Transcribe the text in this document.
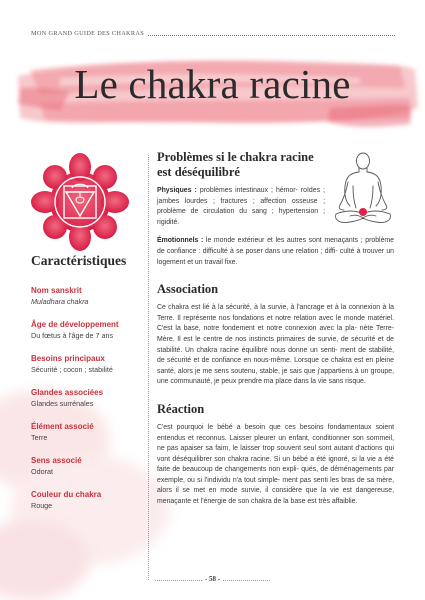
MON GRAND GUIDE DES CHAKRAS
Le chakra racine
Caractéristiques
Nom sanskrit
Muladhara chakra
Âge de développement
Du fœtus à l'âge de 7 ans
Besoins principaux
Sécurité ; cocon ; stabilité
Glandes associées
Glandes surrénales
Élément associé
Terre
Sens associé
Odorat
Couleur du chakra
Rouge
Problèmes si le chakra racine
est déséquilibré

Physiques : problèmes intestinaux ; hémor- roïdes ; jambes lourdes ; fractures ; affection osseuse ; problème de circulation du sang ; hypertension ; rigidité.

Émotionnels : le monde extérieur et les autres sont menaçants ; problème de confiance : difficulté à se poser dans une relation ; diffi- culté à trouver un logement et un travail fixe.

Association

Ce chakra est lié à la sécurité, à la survie, à l'ancrage et à la connexion à la Terre. Il représente nos fondations et notre relation avec le monde matériel. C'est la base, notre fondement et notre connexion avec la pla- nète Terre-Mère. Il est le centre de nos instincts primaires de survie, de sécurité et de stabilité. Un chakra racine équilibré nous donne un senti- ment de stabilité, de sécurité et de confiance en nous-même. Lorsque ce chakra est en pleine santé, alors je me sens soutenu, stable, je sais que j'appartiens à un groupe, une communauté, je peux prendre ma place dans la vie sans risque.

Réaction

C'est pourquoi le bébé a besoin que ces besoins fondamentaux soient entendus et reconnus. Laisser pleurer un enfant, conditionner son sommeil, ne pas apaiser sa faim, le laisser trop souvent seul sont autant d'actions qui vont déséquilibrer son chakra racine. Si un bébé a été ignoré, si la vie a été faite de beaucoup de changements non expli- qués, de déménagements par exemple, ou si l'individu n'a tout simple- ment pas senti les bras de sa mère, alors il se met en mode survie, il considère que la vie est dangereuse, menaçante et l'énergie de son chakra de la base est très affaiblie.

- 58 -
